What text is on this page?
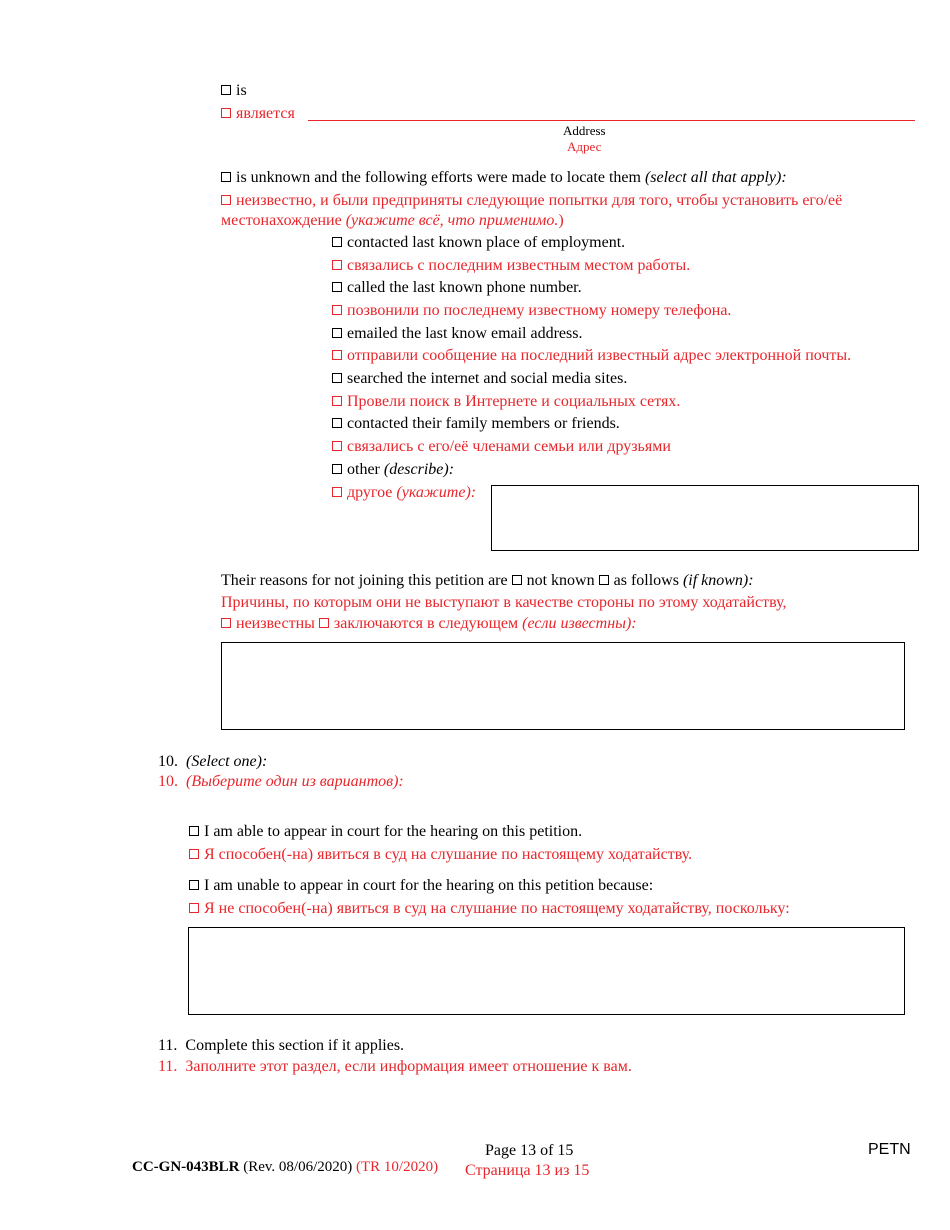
is
является
Address
Адрес
is unknown and the following efforts were made to locate them (select all that apply):
неизвестно, и были предприняты следующие попытки для того, чтобы установить его/её
местонахождение (укажите всё, что применимо.)
contacted last known place of employment.
связались с последним известным местом работы.
called the last known phone number.
позвонили по последнему известному номеру телефона.
emailed the last know email address.
отправили сообщение на последний известный адрес электронной почты.
searched the internet and social media sites.
Провели поиск в Интернете и социальных сетях.
contacted their family members or friends.
связались с его/её членами семьи или друзьями
other (describe):
другое (укажите):
Their reasons for not joining this petition are not known as follows (if known):
Причины, по которым они не выступают в качестве стороны по этому ходатайству,
неизвестны заключаются в следующем (если известны):
10. (Select one):
10. (Выберите один из вариантов):
I am able to appear in court for the hearing on this petition.
Я способен(-на) явиться в суд на слушание по настоящему ходатайству.
I am unable to appear in court for the hearing on this petition because:
Я не способен(-на) явиться в суд на слушание по настоящему ходатайству, поскольку:
11. Complete this section if it applies.
11. Заполните этот раздел, если информация имеет отношение к вам.
Page 13 of 15
Страница 13 из 15
CC-GN-043BLR (Rev. 08/06/2020) (TR 10/2020)
PETN
